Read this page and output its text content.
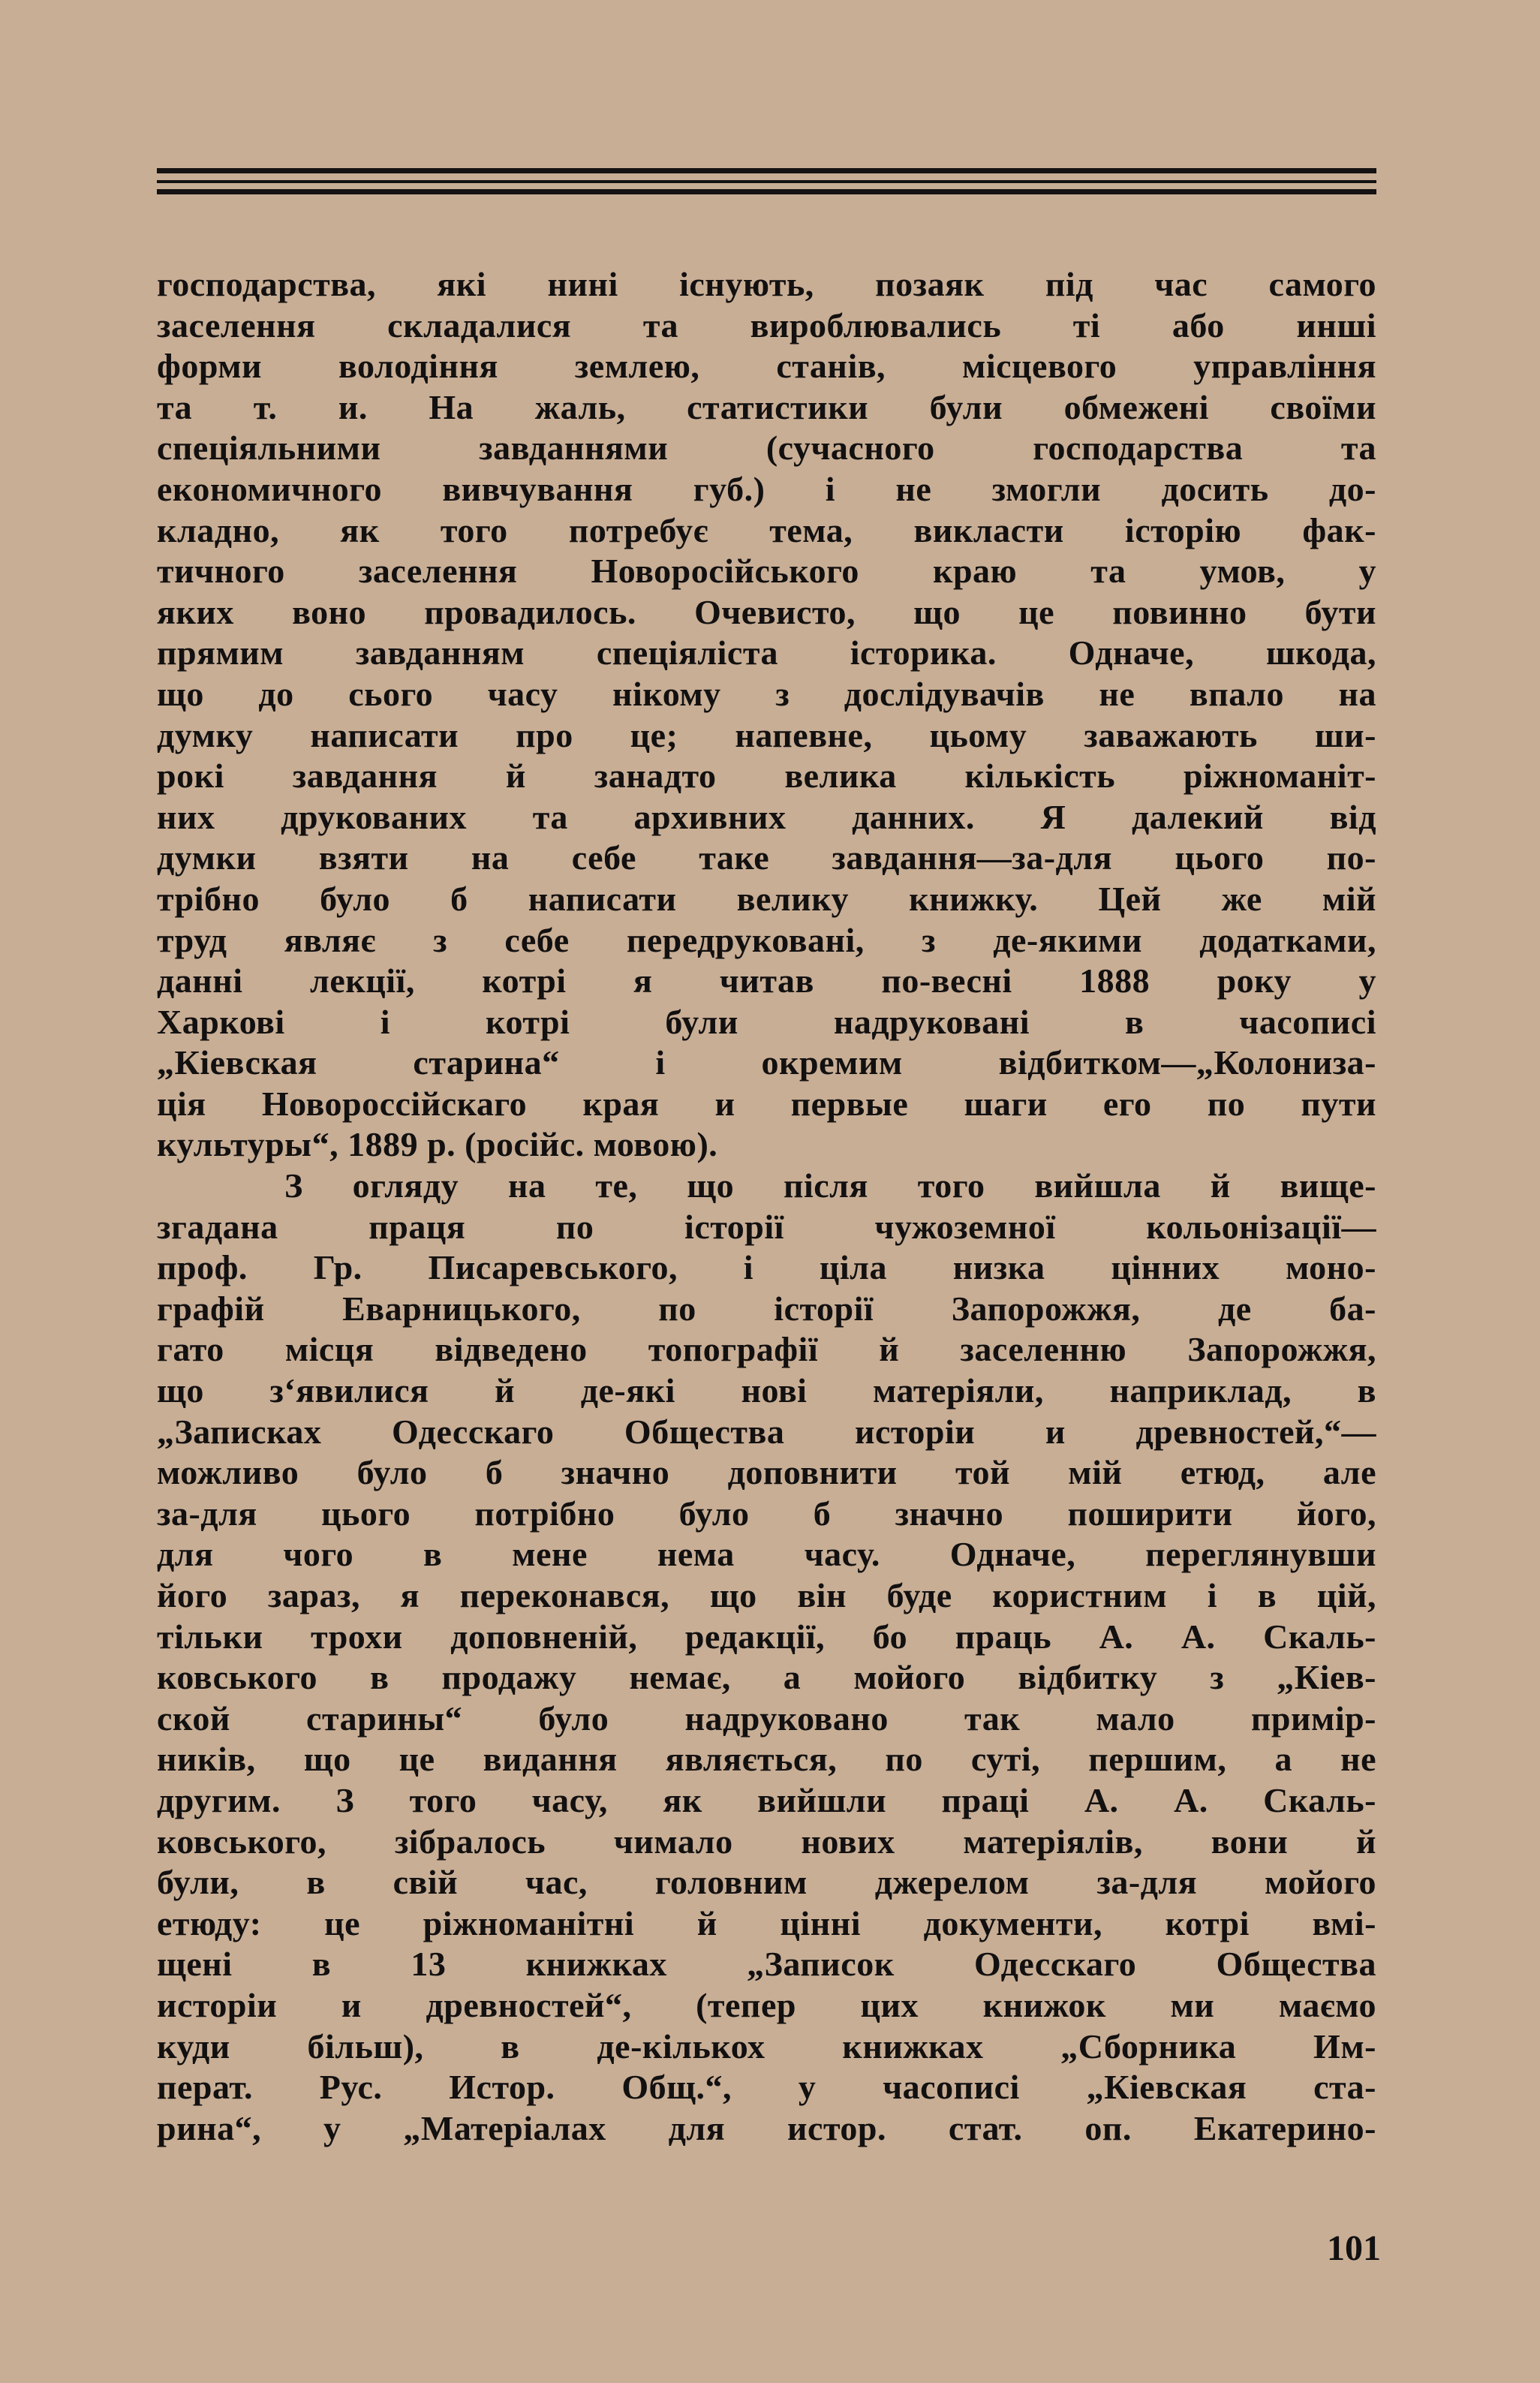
господарства, які нині існують, позаяк під час самого
заселення складалися та вироблювались ті або инші
форми володіння землею, станів, місцевого управління
та т. и. На жаль, статистики були обмежені своїми
спеціяльними завданнями (сучасного господарства та
економичного вивчування губ.) і не змогли досить до-
кладно, як того потребує тема, викласти історію фак-
тичного заселення Новоросійського краю та умов, у
яких воно провадилось. Очевисто, що це повинно бути
прямим завданням спеціяліста історика. Одначе, шкода,
що до сього часу нікому з дослідувачів не впало на
думку написати про це; напевне, цьому заважають ши-
рокі завдання й занадто велика кількість ріжноманіт-
них друкованих та архивних данних. Я далекий від
думки взяти на себе таке завдання—за-для цього по-
трібно було б написати велику книжку. Цей же мій
труд являє з себе передруковані, з де-якими додатками,
данні лекції, котрі я читав по-весні 1888 року у
Харкові і котрі були надруковані в часописі
„Кіевская старина“ і окремим відбитком—„Колониза-
ція Новороссійскаго края и первые шаги его по пути
культуры“, 1889 р. (російс. мовою).
З огляду на те, що після того вийшла й вище-
згадана праця по історії чужоземної кольонізації—
проф. Гр. Писаревського, і ціла низка цінних моно-
графій Еварницького, по історії Запорожжя, де ба-
гато місця відведено топографії й заселенню Запорожжя,
що з‘явилися й де-які нові матеріяли, наприклад, в
„Записках Одесскаго Общества исторіи и древностей,“—
можливо було б значно доповнити той мій етюд, але
за-для цього потрібно було б значно поширити його,
для чого в мене нема часу. Одначе, переглянувши
його зараз, я переконався, що він буде користним і в цій,
тільки трохи доповненій, редакції, бо праць А. А. Скаль-
ковського в продажу немає, а мойого відбитку з „Кіев-
ской старины“ було надруковано так мало примір-
ників, що це видання являється, по суті, першим, а не
другим. З того часу, як вийшли праці А. А. Скаль-
ковського, зібралось чимало нових матеріялів, вони й
були, в свій час, головним джерелом за-для мойого
етюду: це ріжноманітні й цінні документи, котрі вмі-
щені в 13 книжках „Записок Одесскаго Общества
исторіи и древностей“, (тепер цих книжок ми маємо
куди більш), в де-кількох книжках „Сборника Им-
перат. Рус. Истор. Общ.“, у часописі „Кіевская ста-
рина“, у „Матеріалах для истор. стат. оп. Екатерино-
101
